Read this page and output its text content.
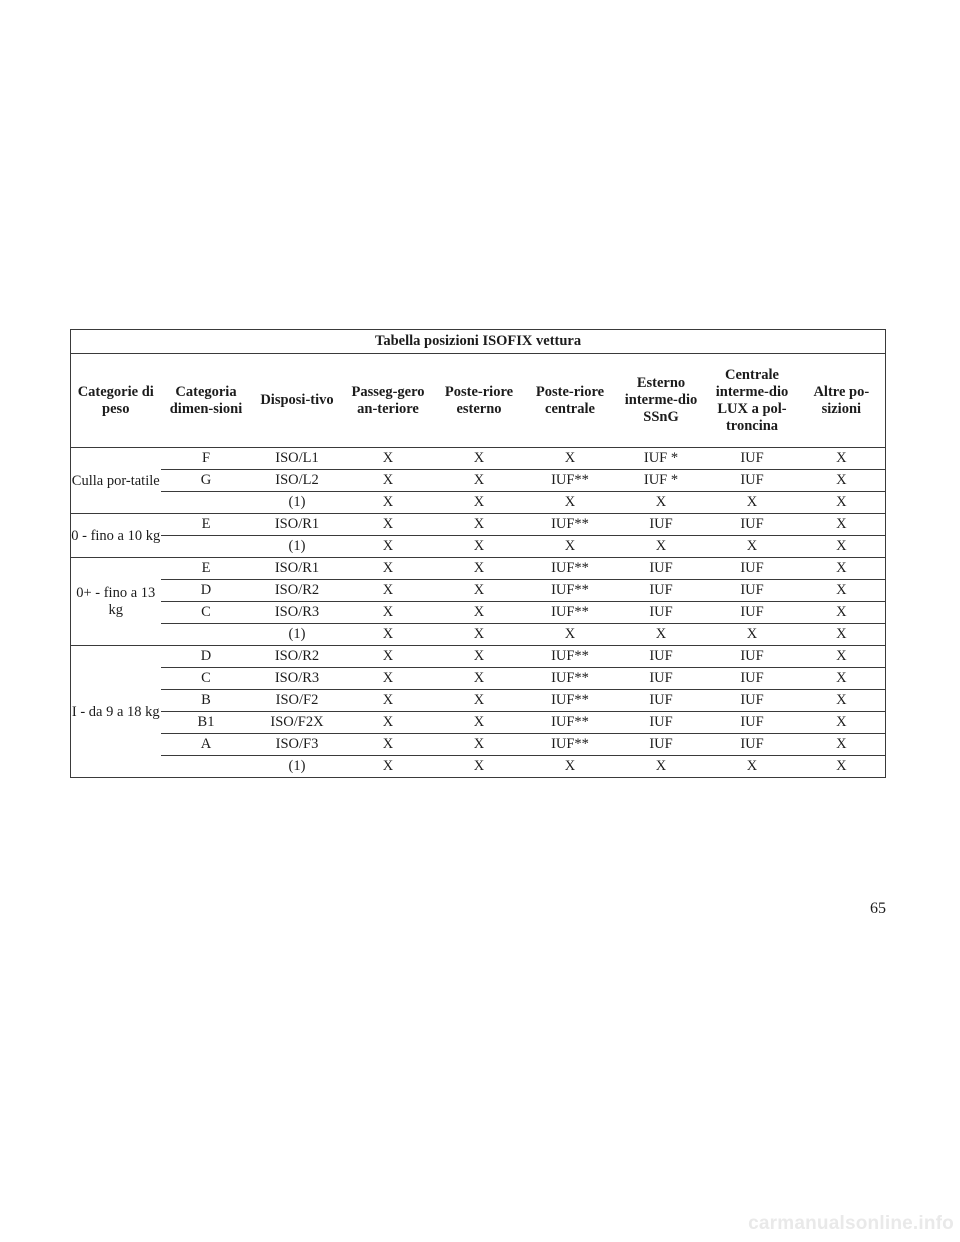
Tabella posizioni ISOFIX vettura								
Categorie di peso	Categoria dimen-sioni	Disposi-tivo	Passeg-gero an-teriore	Poste-riore esterno	Poste-riore centrale	Esterno interme-dio SSnG	Centrale interme-dio LUX a pol-troncina	Altre po-sizioni
Culla por-tatile	F	ISO/L1	X	X	X	IUF *	IUF	X
	G	ISO/L2	X	X	IUF**	IUF *	IUF	X
		(1)	X	X	X	X	X	X
0 - fino a 10 kg	E	ISO/R1	X	X	IUF**	IUF	IUF	X
		(1)	X	X	X	X	X	X
0+ - fino a 13 kg	E	ISO/R1	X	X	IUF**	IUF	IUF	X
	D	ISO/R2	X	X	IUF**	IUF	IUF	X
	C	ISO/R3	X	X	IUF**	IUF	IUF	X
		(1)	X	X	X	X	X	X
I - da 9 a 18 kg	D	ISO/R2	X	X	IUF**	IUF	IUF	X
	C	ISO/R3	X	X	IUF**	IUF	IUF	X
	B	ISO/F2	X	X	IUF**	IUF	IUF	X
	B1	ISO/F2X	X	X	IUF**	IUF	IUF	X
	A	ISO/F3	X	X	IUF**	IUF	IUF	X
		(1)	X	X	X	X	X	X
65
carmanualsonline.info
